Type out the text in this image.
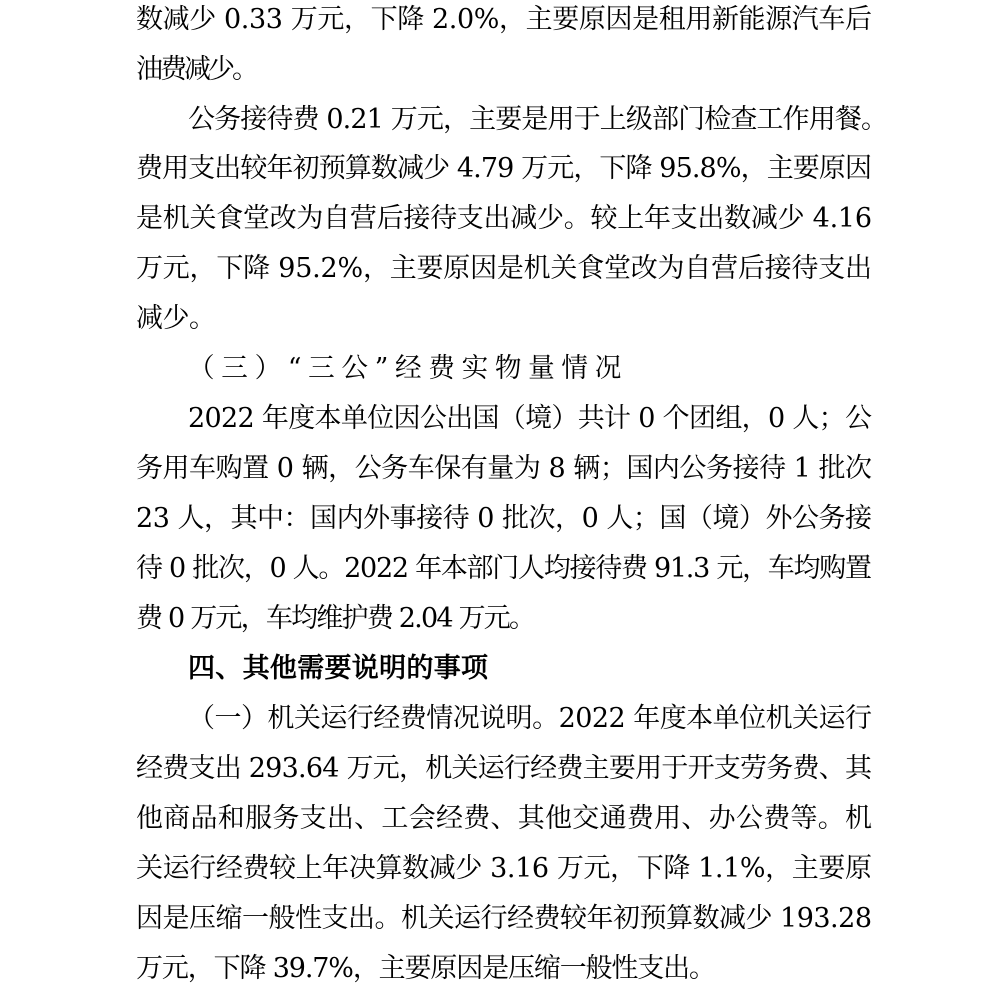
数减少 0.33 万元，下降 2.0%，主要原因是租用新能源汽车后
油费减少。
公务接待费 0.21 万元，主要是用于上级部门检查工作用餐。
费用支出较年初预算数减少 4.79 万元，下降 95.8%，主要原因
是机关食堂改为自营后接待支出减少。较上年支出数减少 4.16
万元，下降 95.2%，主要原因是机关食堂改为自营后接待支出
减少。
（三）“三公”经费实物量情况
2022 年度本单位因公出国（境）共计 0 个团组，0 人；公
务用车购置 0 辆，公务车保有量为 8 辆；国内公务接待 1 批次
23 人，其中：国内外事接待 0 批次，0 人；国（境）外公务接
待 0 批次，0 人。2022 年本部门人均接待费 91.3 元，车均购置
费 0 万元，车均维护费 2.04 万元。
四、其他需要说明的事项
（一）机关运行经费情况说明。2022 年度本单位机关运行
经费支出 293.64 万元，机关运行经费主要用于开支劳务费、其
他商品和服务支出、工会经费、其他交通费用、办公费等。机
关运行经费较上年决算数减少 3.16 万元，下降 1.1%，主要原
因是压缩一般性支出。机关运行经费较年初预算数减少 193.28
万元，下降 39.7%，主要原因是压缩一般性支出。
